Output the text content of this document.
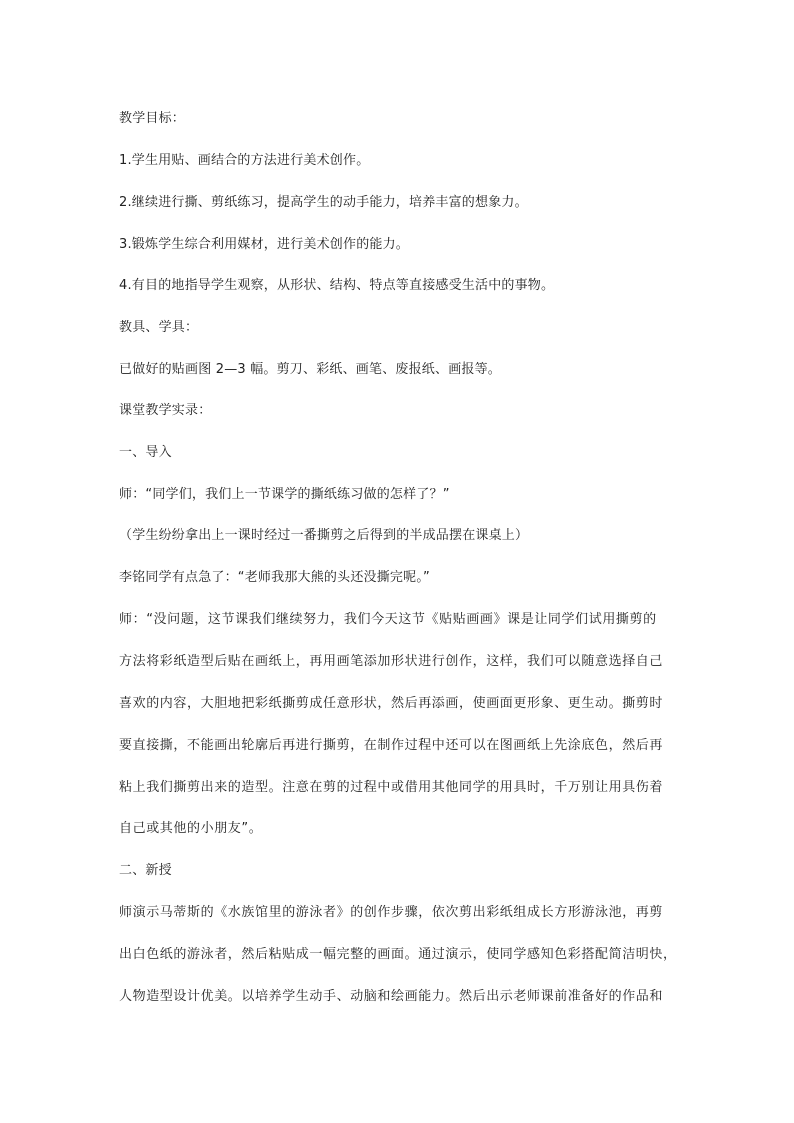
教学目标：
1.学生用贴、画结合的方法进行美术创作。
2.继续进行撕、剪纸练习，提高学生的动手能力，培养丰富的想象力。
3.锻炼学生综合利用媒材，进行美术创作的能力。
4.有目的地指导学生观察，从形状、结构、特点等直接感受生活中的事物。
教具、学具：
已做好的贴画图 2—3 幅。剪刀、彩纸、画笔、废报纸、画报等。
课堂教学实录：
一、导入
师：“同学们，我们上一节课学的撕纸练习做的怎样了？”
（学生纷纷拿出上一课时经过一番撕剪之后得到的半成品摆在课桌上）
李铭同学有点急了：“老师我那大熊的头还没撕完呢。”
师：“没问题，这节课我们继续努力，我们今天这节《贴贴画画》课是让同学们试用撕剪的
方法将彩纸造型后贴在画纸上，再用画笔添加形状进行创作，这样，我们可以随意选择自己
喜欢的内容，大胆地把彩纸撕剪成任意形状，然后再添画，使画面更形象、更生动。撕剪时
要直接撕，不能画出轮廓后再进行撕剪，在制作过程中还可以在图画纸上先涂底色，然后再
粘上我们撕剪出来的造型。注意在剪的过程中或借用其他同学的用具时，千万别让用具伤着
自己或其他的小朋友”。
二、新授
师演示马蒂斯的《水族馆里的游泳者》的创作步骤，依次剪出彩纸组成长方形游泳池，再剪
出白色纸的游泳者，然后粘贴成一幅完整的画面。通过演示，使同学感知色彩搭配简洁明快，
人物造型设计优美。以培养学生动手、动脑和绘画能力。然后出示老师课前准备好的作品和
